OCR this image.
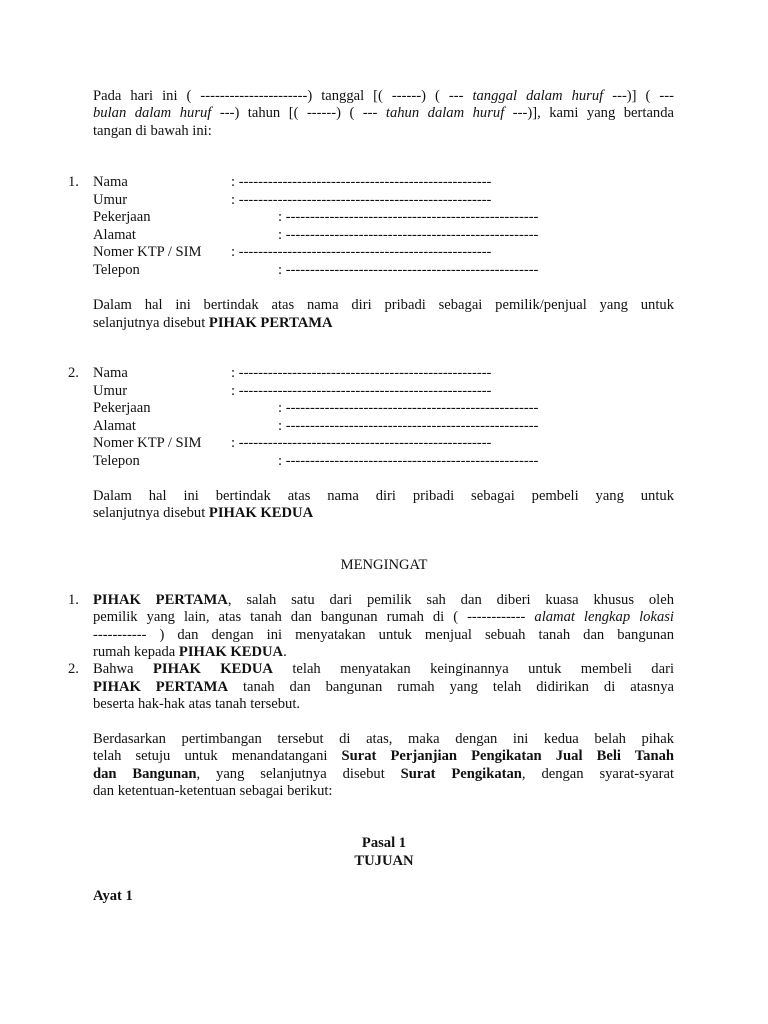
Pada hari ini ( ----------------------) tanggal [( ------) ( --- tanggal dalam huruf ---)] ( ---
bulan dalam huruf ---) tahun [( ------) ( --- tahun dalam huruf ---)], kami yang bertanda
tangan di bawah ini:
1. Nama	: ----------------------------------------------------
Umur	: ----------------------------------------------------
Pekerjaan	: ----------------------------------------------------
Alamat	: ----------------------------------------------------
Nomer KTP / SIM : ----------------------------------------------------
Telepon	: ----------------------------------------------------
Dalam hal ini bertindak atas nama diri pribadi sebagai pemilik/penjual yang untuk
selanjutnya disebut PIHAK PERTAMA
2. Nama	: ----------------------------------------------------
Umur	: ----------------------------------------------------
Pekerjaan	: ----------------------------------------------------
Alamat	: ----------------------------------------------------
Nomer KTP / SIM : ----------------------------------------------------
Telepon	: ----------------------------------------------------
Dalam hal ini bertindak atas nama diri pribadi sebagai pembeli yang untuk
selanjutnya disebut PIHAK KEDUA
MENGINGAT
1. PIHAK PERTAMA, salah satu dari pemilik sah dan diberi kuasa khusus oleh
pemilik yang lain, atas tanah dan bangunan rumah di ( ------------ alamat lengkap lokasi
----------- ) dan dengan ini menyatakan untuk menjual sebuah tanah dan bangunan
rumah kepada PIHAK KEDUA.
2. Bahwa PIHAK KEDUA telah menyatakan keinginannya untuk membeli dari
PIHAK PERTAMA tanah dan bangunan rumah yang telah didirikan di atasnya
beserta hak-hak atas tanah tersebut.
Berdasarkan pertimbangan tersebut di atas, maka dengan ini kedua belah pihak
telah setuju untuk menandatangani Surat Perjanjian Pengikatan Jual Beli Tanah
dan Bangunan, yang selanjutnya disebut Surat Pengikatan, dengan syarat-syarat
dan ketentuan-ketentuan sebagai berikut:
Pasal 1
TUJUAN
Ayat 1
